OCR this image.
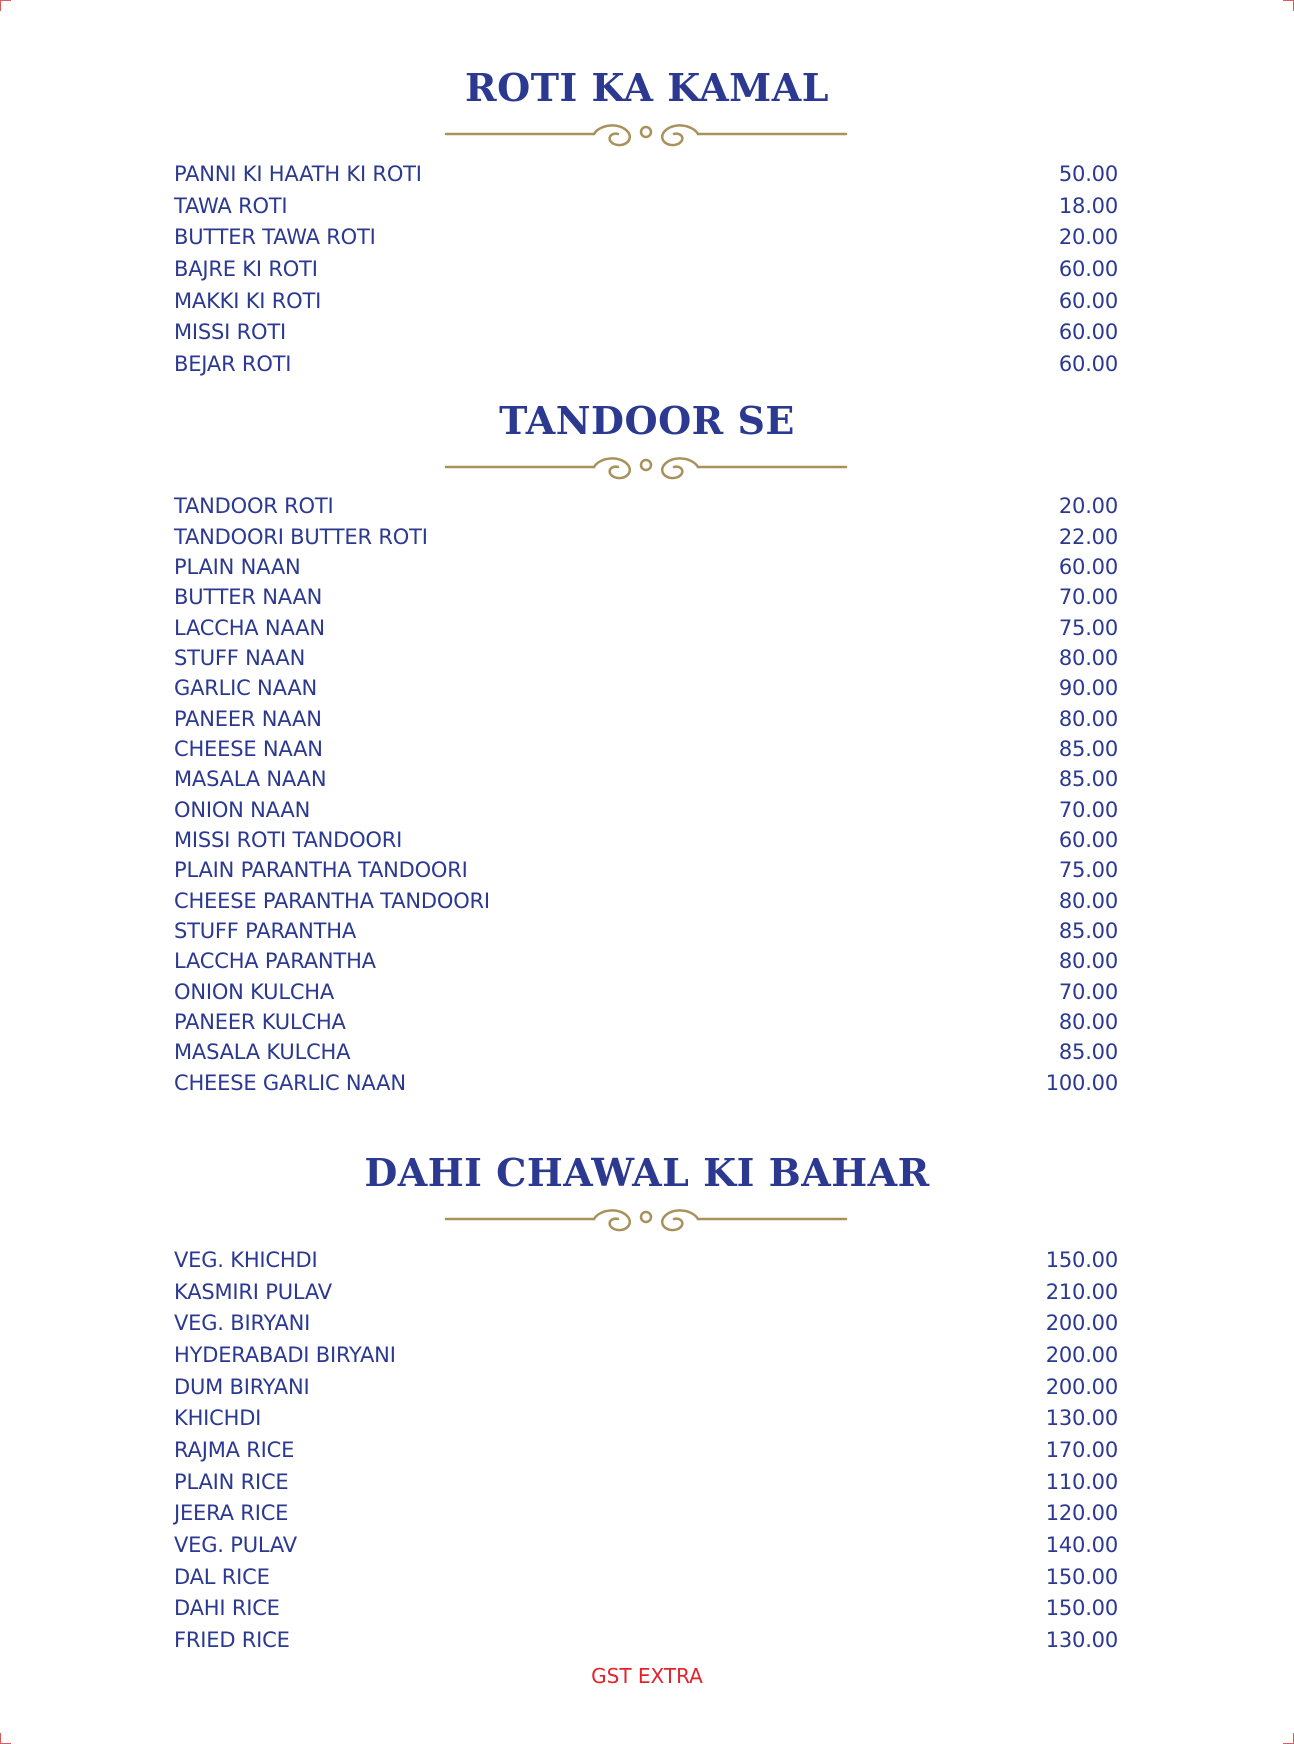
ROTI KA KAMAL
PANNI KI HAATH KI ROTI	50.00
TAWA ROTI	18.00
BUTTER TAWA ROTI	20.00
BAJRE KI ROTI	60.00
MAKKI KI ROTI	60.00
MISSI ROTI	60.00
BEJAR ROTI	60.00
TANDOOR SE
TANDOOR ROTI	20.00
TANDOORI BUTTER ROTI	22.00
PLAIN NAAN	60.00
BUTTER NAAN	70.00
LACCHA NAAN	75.00
STUFF NAAN	80.00
GARLIC NAAN	90.00
PANEER NAAN	80.00
CHEESE NAAN	85.00
MASALA NAAN	85.00
ONION NAAN	70.00
MISSI ROTI TANDOORI	60.00
PLAIN PARANTHA TANDOORI	75.00
CHEESE PARANTHA TANDOORI	80.00
STUFF PARANTHA	85.00
LACCHA PARANTHA	80.00
ONION KULCHA	70.00
PANEER KULCHA	80.00
MASALA KULCHA	85.00
CHEESE GARLIC NAAN	100.00
DAHI CHAWAL KI BAHAR
VEG. KHICHDI	150.00
KASMIRI PULAV	210.00
VEG. BIRYANI	200.00
HYDERABADI BIRYANI	200.00
DUM BIRYANI	200.00
KHICHDI	130.00
RAJMA RICE	170.00
PLAIN RICE	110.00
JEERA RICE	120.00
VEG. PULAV	140.00
DAL RICE	150.00
DAHI RICE	150.00
FRIED RICE	130.00
GST EXTRA
